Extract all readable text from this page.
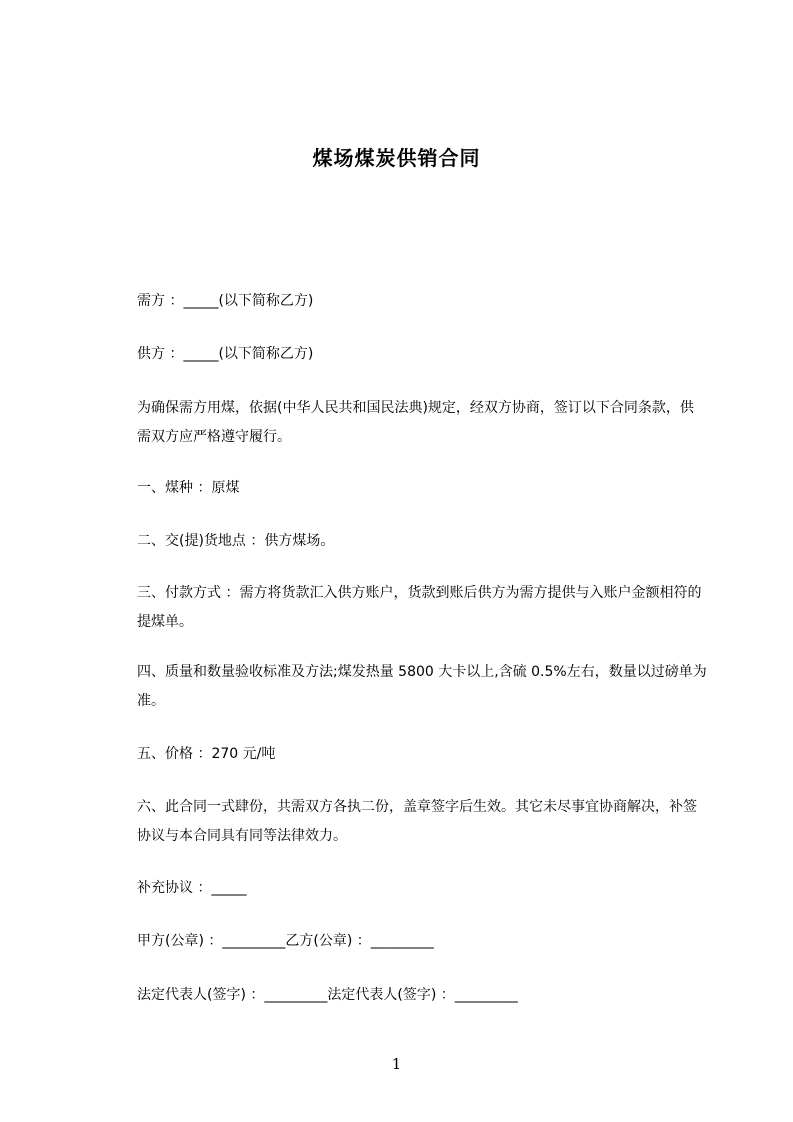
煤场煤炭供销合同
需方 ：_____(以下简称乙方)
供方 ：_____(以下简称乙方)
为确保需方用煤，依据(中华人民共和国民法典)规定，经双方协商，签订以下合同条款，供需双方应严格遵守履行。
一、煤种 ：原煤
二、交(提)货地点 ：供方煤场。
三、付款方式 ：需方将货款汇入供方账户，货款到账后供方为需方提供与入账户金额相符的提煤单。
四、质量和数量验收标准及方法;煤发热量 5800 大卡以上,含硫 0.5%左右，数量以过磅单为准。
五、价格 ：270 元/吨
六、此合同一式肆份，共需双方各执二份，盖章签字后生效。其它未尽事宜协商解决，补签协议与本合同具有同等法律效力。
补充协议 ：_____
甲方(公章) ：_________乙方(公章) ：_________
法定代表人(签字) ：_________法定代表人(签字) ：_________
1
